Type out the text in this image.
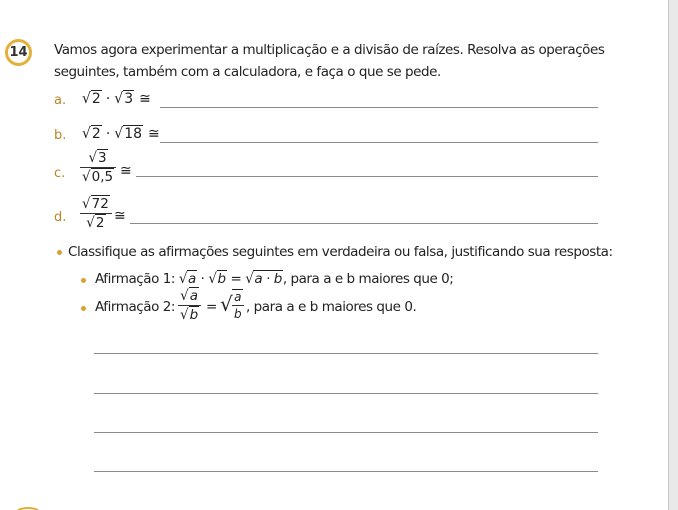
14 Vamos agora experimentar a multiplicação e a divisão de raízes. Resolva as operações
seguintes, também com a calculadora, e faça o que se pede.
a. √2 · √3 ≅
b. √2 · √18 ≅
c.
√3
√0,5 ≅
d.
√72
√2 ≅
Classifique as afirmações seguintes em verdadeira ou falsa, justificando sua resposta:
Afirmação 1: √a · √b = √a · b, para a e b maiores que 0;
Afirmação 2:
√a
√b = √ a
b , para a e b maiores que 0.
